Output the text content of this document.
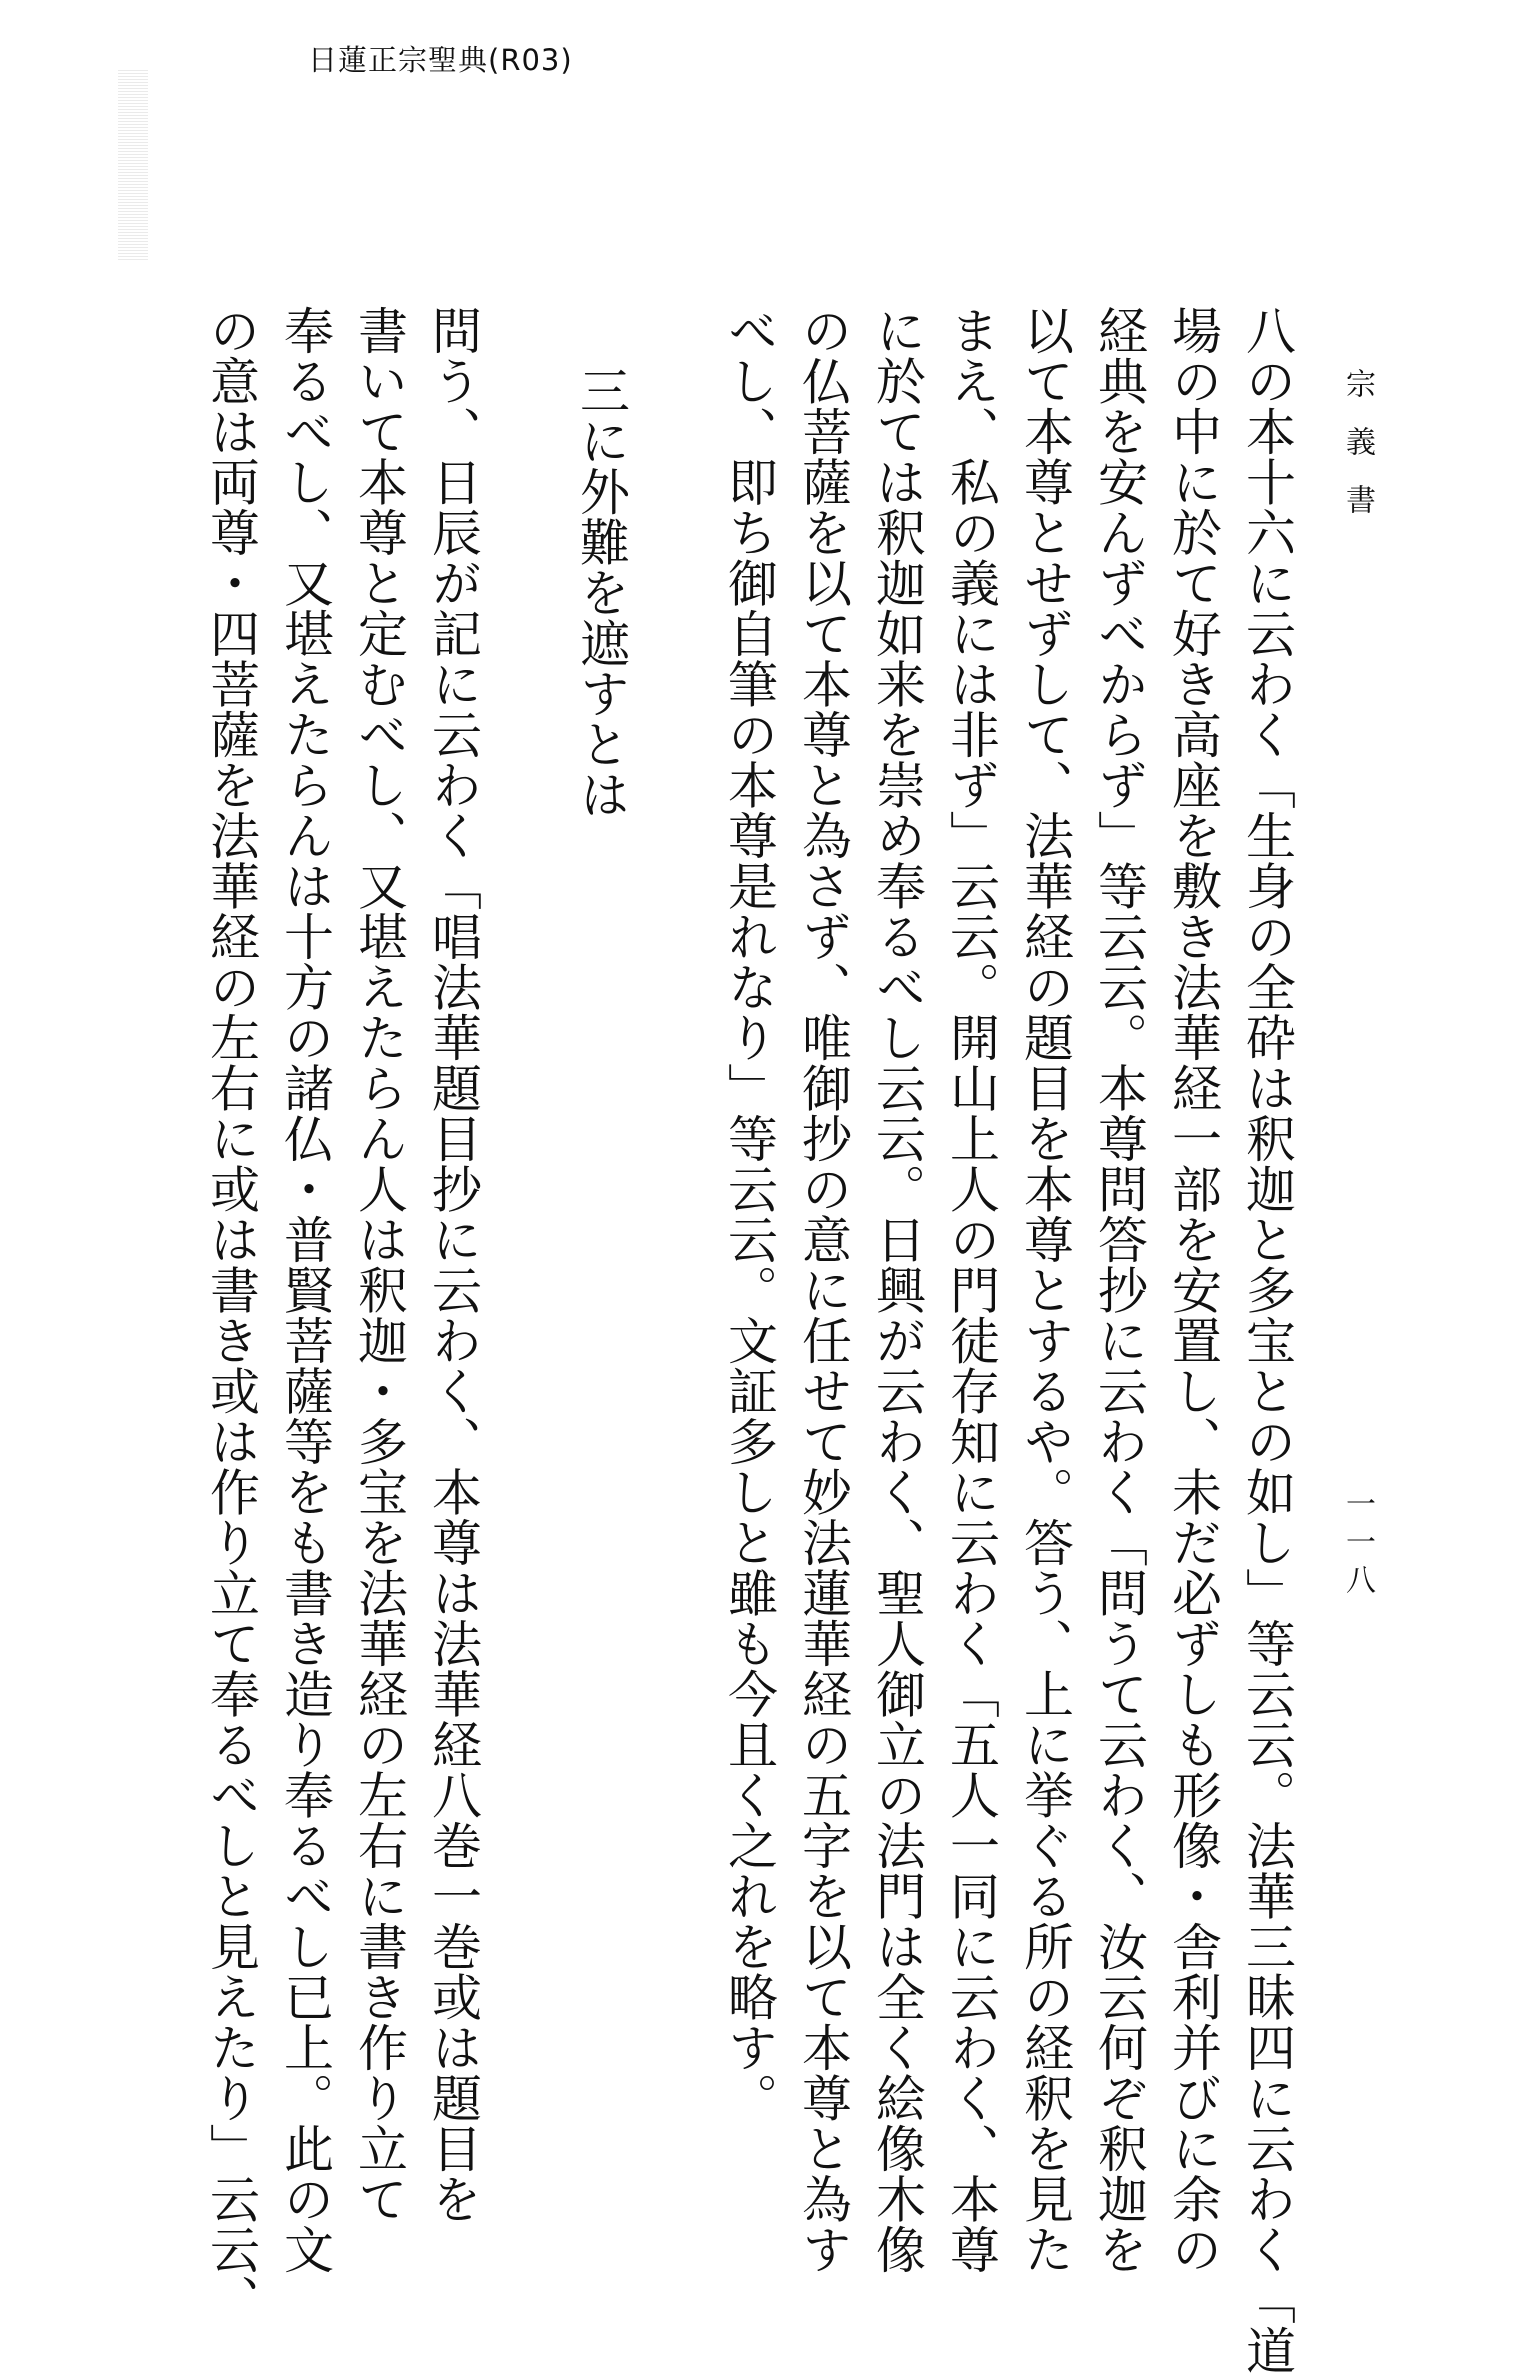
日蓮正宗聖典(R03)
宗義書
一一八
八の本十六に云わく「生身の全砕は釈迦と多宝との如し」等云云。法華三昧四に云わく「道
場の中に於て好き高座を敷き法華経一部を安置し、未だ必ずしも形像・舎利并びに余の
経典を安んずべからず」等云云。本尊問答抄に云わく「問うて云わく、汝云何ぞ釈迦を
以て本尊とせずして、法華経の題目を本尊とするや。答う、上に挙ぐる所の経釈を見た
まえ、私の義には非ず」云云。開山上人の門徒存知に云わく「五人一同に云わく、本尊
に於ては釈迦如来を崇め奉るべし云云。日興が云わく、聖人御立の法門は全く絵像木像
の仏菩薩を以て本尊と為さず、唯御抄の意に任せて妙法蓮華経の五字を以て本尊と為す
べし、即ち御自筆の本尊是れなり」等云云。文証多しと雖も今且く之れを略す。
三に外難を遮すとは
問う、日辰が記に云わく「唱法華題目抄に云わく、本尊は法華経八巻一巻或は題目を
書いて本尊と定むべし、又堪えたらん人は釈迦・多宝を法華経の左右に書き作り立て
奉るべし、又堪えたらんは十方の諸仏・普賢菩薩等をも書き造り奉るべし已上。此の文
の意は両尊・四菩薩を法華経の左右に或は書き或は作り立て奉るべしと見えたり」云云、
